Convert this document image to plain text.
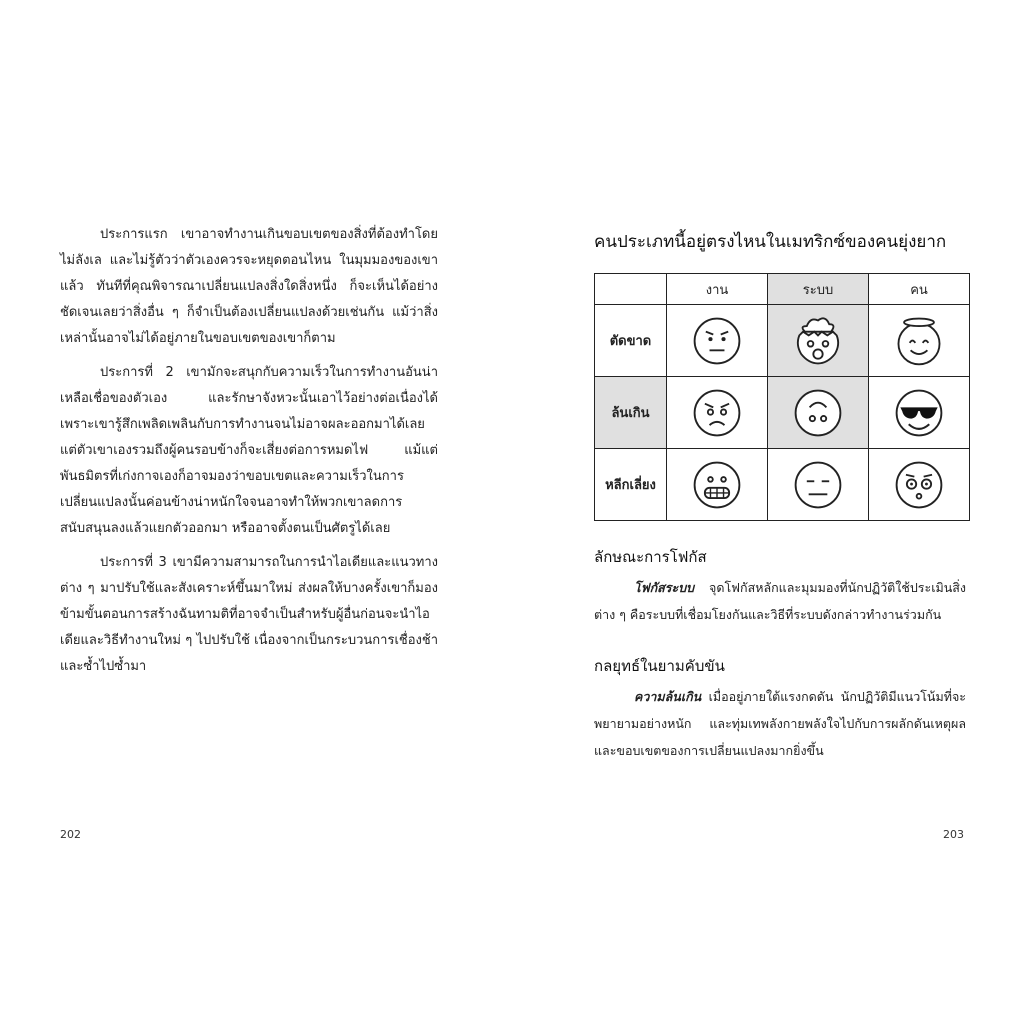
ประการแรก เขาอาจทำงานเกินขอบเขตของสิ่งที่ต้องทำโดยไม่ลังเล และไม่รู้ตัวว่าตัวเองควรจะหยุดตอนไหน ในมุมมองของเขาแล้ว ทันทีที่คุณพิจารณาเปลี่ยนแปลงสิ่งใดสิ่งหนึ่ง ก็จะเห็นได้อย่างชัดเจนเลยว่าสิ่งอื่น ๆ ก็จำเป็นต้องเปลี่ยนแปลงด้วยเช่นกัน แม้ว่าสิ่งเหล่านั้นอาจไม่ได้อยู่ภายในขอบเขตของเขาก็ตาม

ประการที่ 2 เขามักจะสนุกกับความเร็วในการทำงานอันน่าเหลือเชื่อของตัวเอง และรักษาจังหวะนั้นเอาไว้อย่างต่อเนื่องได้ เพราะเขารู้สึกเพลิดเพลินกับการทำงานจนไม่อาจผละออกมาได้เลย แต่ตัวเขาเองรวมถึงผู้คนรอบข้างก็จะเสี่ยงต่อการหมดไฟ แม้แต่พันธมิตรที่เก่งกาจเองก็อาจมองว่าขอบเขตและความเร็วในการเปลี่ยนแปลงนั้นค่อนข้างน่าหนักใจจนอาจทำให้พวกเขาลดการสนับสนุนลงแล้วแยกตัวออกมา หรืออาจตั้งตนเป็นศัตรูได้เลย

ประการที่ 3 เขามีความสามารถในการนำไอเดียและแนวทางต่าง ๆ มาปรับใช้และสังเคราะห์ขึ้นมาใหม่ ส่งผลให้บางครั้งเขาก็มองข้ามขั้นตอนการสร้างฉันทามติที่อาจจำเป็นสำหรับผู้อื่นก่อนจะนำไอเดียและวิธีทำงานใหม่ ๆ ไปปรับใช้ เนื่องจากเป็นกระบวนการเชื่องช้าและซ้ำไปซ้ำมา

202
คนประเภทนี้อยู่ตรงไหนในเมทริกซ์ของคนยุ่งยาก
	งาน	ระบบ	คน
ตัดขาด	

ล้นเกิน	

หลีกเลี่ยง	

ลักษณะการโฟกัส

โฟกัสระบบ จุดโฟกัสหลักและมุมมองที่นักปฏิวัติใช้ประเมินสิ่งต่าง ๆ คือระบบที่เชื่อมโยงกันและวิธีที่ระบบดังกล่าวทำงานร่วมกัน

กลยุทธ์ในยามคับขัน

ความล้นเกิน เมื่ออยู่ภายใต้แรงกดดัน นักปฏิวัติมีแนวโน้มที่จะพยายามอย่างหนัก และทุ่มเทพลังกายพลังใจไปกับการผลักดันเหตุผลและขอบเขตของการเปลี่ยนแปลงมากยิ่งขึ้น

203
